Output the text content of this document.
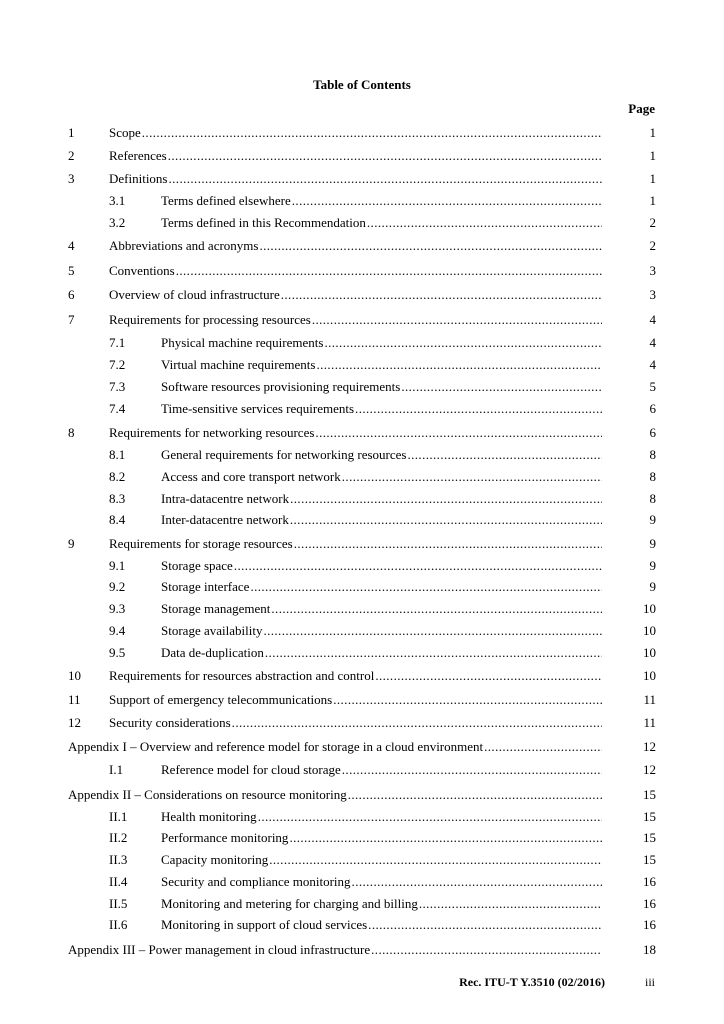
Table of Contents
Page
1	Scope .....	1
2	References .....	1
3	Definitions .....	1
3.1	Terms defined elsewhere .....	1
3.2	Terms defined in this Recommendation .....	2
4	Abbreviations and acronyms .....	2
5	Conventions .....	3
6	Overview of cloud infrastructure .....	3
7	Requirements for processing resources .....	4
7.1	Physical machine requirements .....	4
7.2	Virtual machine requirements .....	4
7.3	Software resources provisioning requirements .....	5
7.4	Time-sensitive services requirements .....	6
8	Requirements for networking resources .....	6
8.1	General requirements for networking resources .....	8
8.2	Access and core transport network .....	8
8.3	Intra-datacentre network .....	8
8.4	Inter-datacentre network .....	9
9	Requirements for storage resources .....	9
9.1	Storage space .....	9
9.2	Storage interface .....	9
9.3	Storage management .....	10
9.4	Storage availability .....	10
9.5	Data de-duplication .....	10
10 Requirements for resources abstraction and control .....	10
11 Support of emergency telecommunications .....	11
12 Security considerations .....	11
Appendix I – Overview and reference model for storage in a cloud environment .....	12
I.1	Reference model for cloud storage .....	12
Appendix II – Considerations on resource monitoring .....	15
II.1	Health monitoring .....	15
II.2	Performance monitoring .....	15
II.3	Capacity monitoring .....	15
II.4	Security and compliance monitoring .....	16
II.5	Monitoring and metering for charging and billing .....	16
II.6	Monitoring in support of cloud services .....	16
Appendix III – Power management in cloud infrastructure .....	18
Rec. ITU-T Y.3510 (02/2016)	iii
